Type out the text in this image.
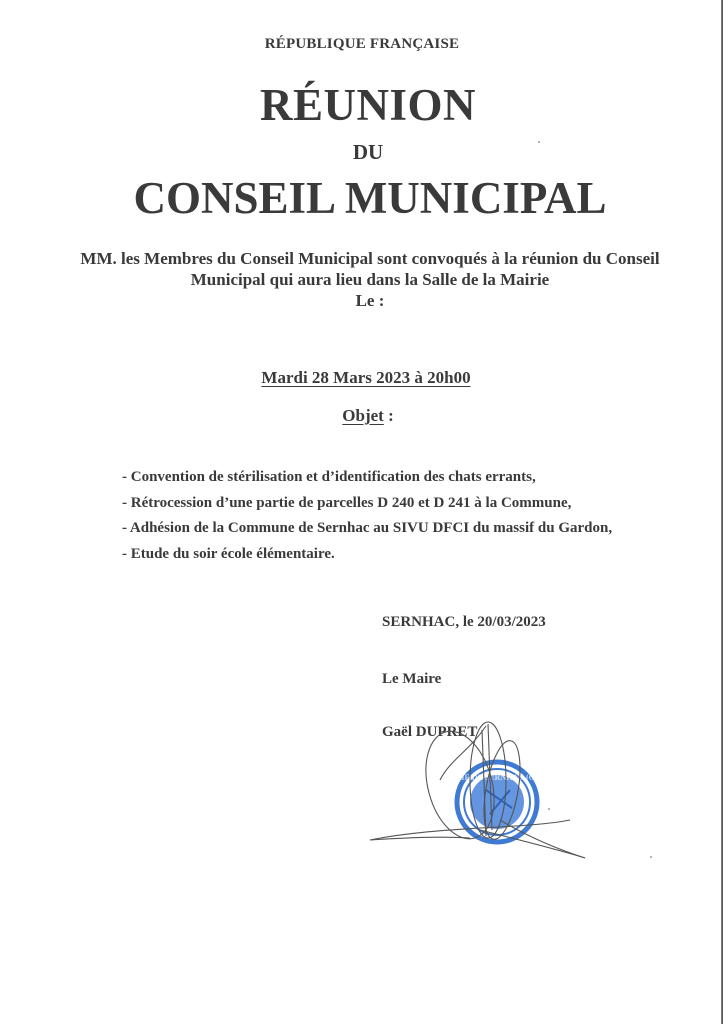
RÉPUBLIQUE FRANÇAISE
RÉUNION
DU
CONSEIL MUNICIPAL
MM. les Membres du Conseil Municipal sont convoqués à la réunion du Conseil
Municipal qui aura lieu dans la Salle de la Mairie
Le :
Mardi 28 Mars 2023 à 20h00
Objet :
- Convention de stérilisation et d’identification des chats errants,
- Rétrocession d’une partie de parcelles D 240 et D 241 à la Commune,
- Adhésion de la Commune de Sernhac au SIVU DFCI du massif du Gardon,
- Etude du soir école élémentaire.
SERNHAC, le 20/03/2023
Le Maire
Gaël DUPRET
MAIRIE DE SERNHAC (GARD)
